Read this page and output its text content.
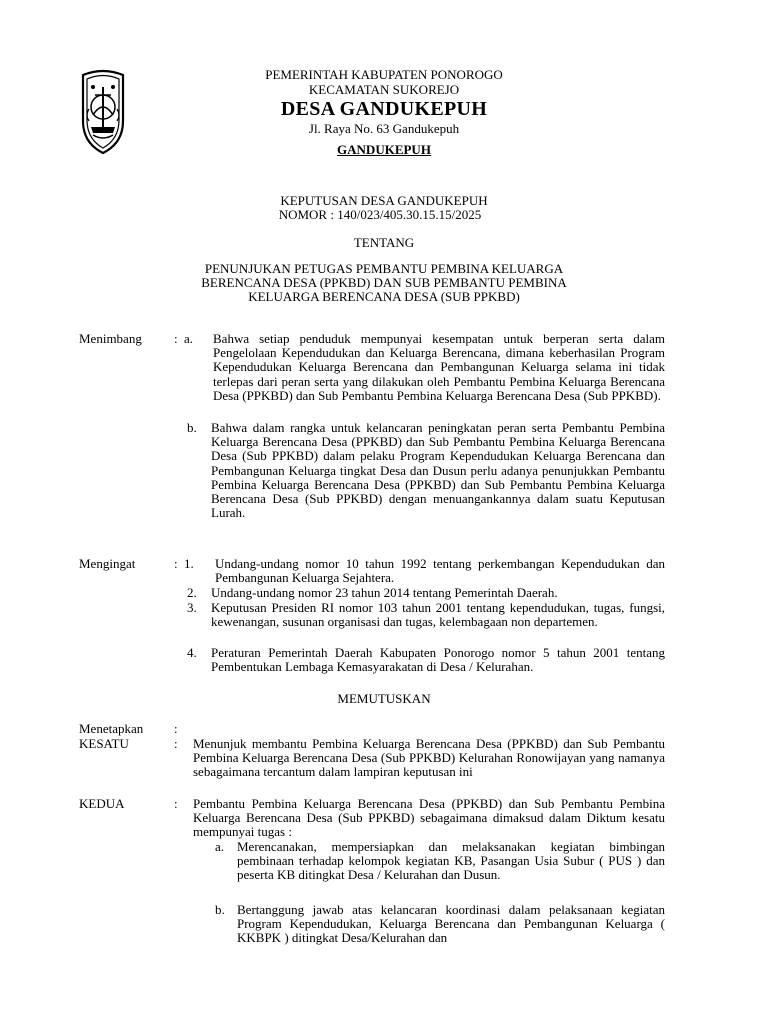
PEMERINTAH KABUPATEN PONOROGO
KECAMATAN SUKOREJO
DESA GANDUKEPUH
Jl. Raya No. 63 Gandukepuh
GANDUKEPUH
KEPUTUSAN DESA GANDUKEPUH
NOMOR : 140/023/405.30.15.15/2025
TENTANG
PENUNJUKAN PETUGAS PEMBANTU PEMBINA KELUARGA
BERENCANA DESA (PPKBD) DAN SUB PEMBANTU PEMBINA
KELUARGA BERENCANA DESA (SUB PPKBD)
Menimbang : a. Bahwa setiap penduduk mempunyai kesempatan untuk berperan serta dalam Pengelolaan Kependudukan dan Keluarga Berencana, dimana keberhasilan Program Kependudukan Keluarga Berencana dan Pembangunan Keluarga selama ini tidak terlepas dari peran serta yang dilakukan oleh Pembantu Pembina Keluarga Berencana Desa (PPKBD) dan Sub Pembantu Pembina Keluarga Berencana Desa (Sub PPKBD).
b. Bahwa dalam rangka untuk kelancaran peningkatan peran serta Pembantu Pembina Keluarga Berencana Desa (PPKBD) dan Sub Pembantu Pembina Keluarga Berencana Desa (Sub PPKBD) dalam pelaku Program Kependudukan Keluarga Berencana dan Pembangunan Keluarga tingkat Desa dan Dusun perlu adanya penunjukkan Pembantu Pembina Keluarga Berencana Desa (PPKBD) dan Sub Pembantu Pembina Keluarga Berencana Desa (Sub PPKBD) dengan menuangankannya dalam suatu Keputusan Lurah.
Mengingat	: 1. Undang-undang nomor 10 tahun 1992 tentang perkembangan Kependudukan dan Pembangunan Keluarga Sejahtera.
2. Undang-undang nomor 23 tahun 2014 tentang Pemerintah Daerah.
3. Keputusan Presiden RI nomor 103 tahun 2001 tentang kependudukan, tugas, fungsi, kewenangan, susunan organisasi dan tugas, kelembagaan non departemen.
4. Peraturan Pemerintah Daerah Kabupaten Ponorogo nomor 5 tahun 2001 tentang Pembentukan Lembaga Kemasyarakatan di Desa / Kelurahan.
MEMUTUSKAN
Menetapkan :
KESATU	: Menunjuk membantu Pembina Keluarga Berencana Desa (PPKBD) dan Sub Pembantu Pembina Keluarga Berencana Desa (Sub PPKBD) Kelurahan Ronowijayan yang namanya sebagaimana tercantum dalam lampiran keputusan ini
KEDUA	: Pembantu Pembina Keluarga Berencana Desa (PPKBD) dan Sub Pembantu Pembina Keluarga Berencana Desa (Sub PPKBD) sebagaimana dimaksud dalam Diktum kesatu mempunyai tugas :
a. Merencanakan, mempersiapkan dan melaksanakan kegiatan bimbingan pembinaan terhadap kelompok kegiatan KB, Pasangan Usia Subur ( PUS ) dan peserta KB ditingkat Desa / Kelurahan dan Dusun.
b. Bertanggung jawab atas kelancaran koordinasi dalam pelaksanaan kegiatan Program Kependudukan, Keluarga Berencana dan Pembangunan Keluarga ( KKBPK ) ditingkat Desa/Kelurahan dan
